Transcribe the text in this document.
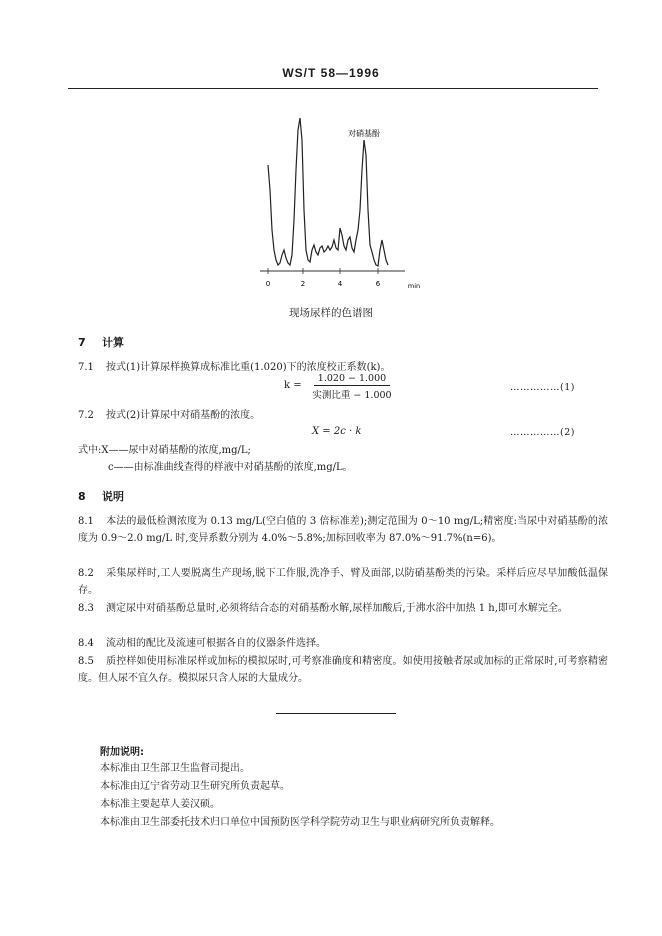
WS/T 58—1996
0	2	4	6	min
对硝基酚
现场尿样的色谱图
7 计算
7.1 按式(1)计算尿样换算成标准比重(1.020)下的浓度校正系数(k)。
k =
1.020 − 1.000
实测比重 − 1.000
……………(1)
7.2 按式(2)计算尿中对硝基酚的浓度。
X = 2c · k	……………(2)
式中:X——尿中对硝基酚的浓度,mg/L;
c——由标准曲线查得的样液中对硝基酚的浓度,mg/L。
8 说明
8.1 本法的最低检测浓度为 0.13 mg/L(空白值的 3 倍标准差);测定范围为 0～10 mg/L;精密度:当尿中对硝基酚的浓度为 0.9～2.0 mg/L 时,变异系数分别为 4.0%～5.8%;加标回收率为 87.0%～91.7%(n=6)。
8.2 采集尿样时,工人要脱离生产现场,脱下工作服,洗净手、臂及面部,以防硝基酚类的污染。采样后应尽早加酸低温保存。
8.3 测定尿中对硝基酚总量时,必须将结合态的对硝基酚水解,尿样加酸后,于沸水浴中加热 1 h,即可水解完全。
8.4 流动相的配比及流速可根据各自的仪器条件选择。
8.5 质控样如使用标准尿样或加标的模拟尿时,可考察准确度和精密度。如使用接触者尿或加标的正常尿时,可考察精密度。但人尿不宜久存。模拟尿只含人尿的大量成分。
附加说明:
本标准由卫生部卫生监督司提出。
本标准由辽宁省劳动卫生研究所负责起草。
本标准主要起草人姜汉硕。
本标准由卫生部委托技术归口单位中国预防医学科学院劳动卫生与职业病研究所负责解释。
